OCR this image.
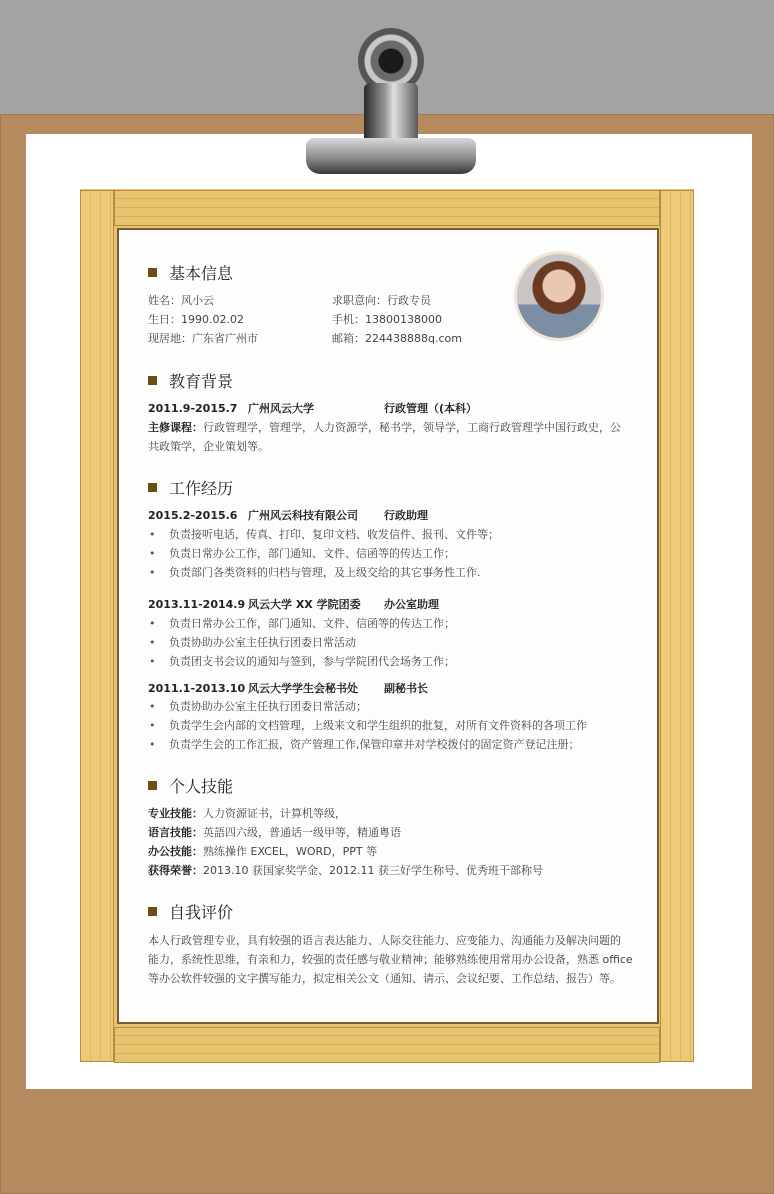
基本信息
姓名：风小云
生日：1990.02.02
现居地：广东省广州市
求职意向：行政专员
手机：13800138000
邮箱：224438888q.com
教育背景
2011.9-2015.7 广州风云大学	行政管理（(本科）
主修课程：行政管理学，管理学，人力资源学，秘书学，领导学，工商行政管理学中国行政史，公
共政策学，企业策划等。
工作经历
2015.2-2015.6 广州风云科技有限公司 行政助理
• 负责接听电话，传真、打印、复印文档、收发信件、报刊、文件等；
• 负责日常办公工作，部门通知、文件、信函等的传达工作；
• 负责部门各类资料的归档与管理，及上级交给的其它事务性工作.
2013.11-2014.9 风云大学 XX 学院团委 办公室助理
• 负责日常办公工作，部门通知、文件、信函等的传达工作；
• 负责协助办公室主任执行团委日常活动
• 负责团支书会议的通知与签到，参与学院团代会场务工作；
2011.1-2013.10 风云大学学生会秘书处 副秘书长
• 负责协助办公室主任执行团委日常活动；
• 负责学生会内部的文档管理，上级来文和学生组织的批复，对所有文件资料的各项工作
• 负责学生会的工作汇报，资产管理工作,保管印章并对学校拨付的固定资产登记注册；
个人技能
专业技能：人力资源证书，计算机等级，
语言技能：英語四六级，普通话一级甲等，精通粤语
办公技能：熟练操作 EXCEL，WORD，PPT 等
获得荣誉：2013.10 获国家奖学金、2012.11 获三好学生称号、优秀班干部称号
自我评价
本人行政管理专业，具有较强的语言表达能力、人际交往能力、应变能力、沟通能力及解决问题的
能力，系统性思维，有亲和力，较强的责任感与敬业精神；能够熟练使用常用办公设备，熟悉 office
等办公软件较强的文字撰写能力，拟定相关公文（通知、请示、会议纪要、工作总结、报告）等。
